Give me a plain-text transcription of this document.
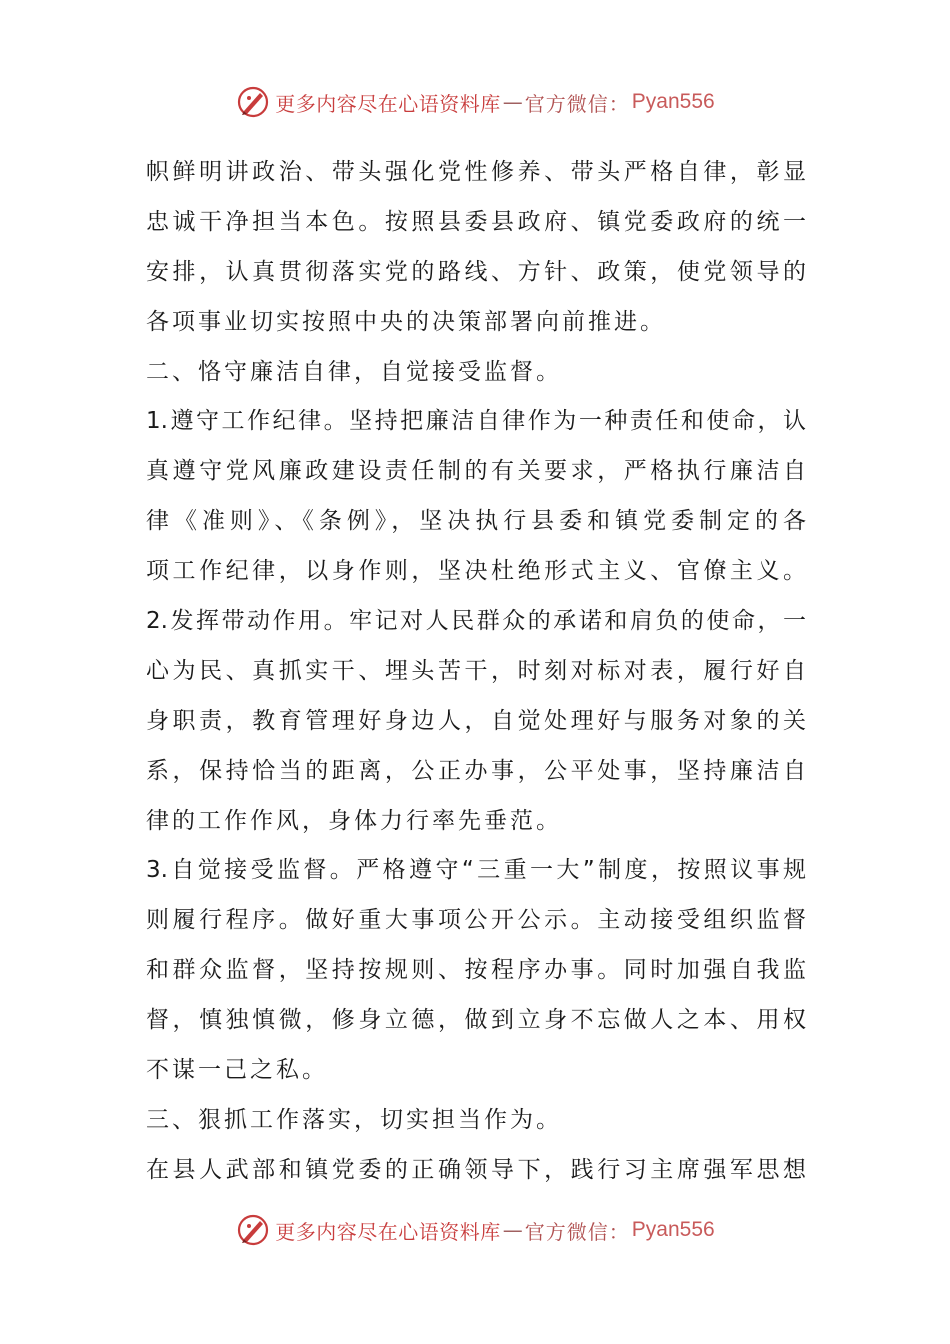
更多内容尽在心语资料库 — 官方微信： Pyan556
帜鲜明讲政治、带头强化党性修养、带头严格自律，彰显
忠诚干净担当本色。按照县委县政府、镇党委政府的统一
安排，认真贯彻落实党的路线、方针、政策，使党领导的
各项事业切实按照中央的决策部署向前推进。
二、恪守廉洁自律，自觉接受监督。
1.遵守工作纪律。坚持把廉洁自律作为一种责任和使命，认
真遵守党风廉政建设责任制的有关要求，严格执行廉洁自
律《准则》、《条例》，坚决执行县委和镇党委制定的各
项工作纪律，以身作则，坚决杜绝形式主义、官僚主义。
2.发挥带动作用。牢记对人民群众的承诺和肩负的使命，一
心为民、真抓实干、埋头苦干，时刻对标对表，履行好自
身职责，教育管理好身边人，自觉处理好与服务对象的关
系，保持恰当的距离，公正办事，公平处事，坚持廉洁自
律的工作作风，身体力行率先垂范。
3.自觉接受监督。严格遵守“三重一大”制度，按照议事规
则履行程序。做好重大事项公开公示。主动接受组织监督
和群众监督，坚持按规则、按程序办事。同时加强自我监
督，慎独慎微，修身立德，做到立身不忘做人之本、用权
不谋一己之私。
三、狠抓工作落实，切实担当作为。
在县人武部和镇党委的正确领导下，践行习主席强军思想
更多内容尽在心语资料库 — 官方微信： Pyan556
